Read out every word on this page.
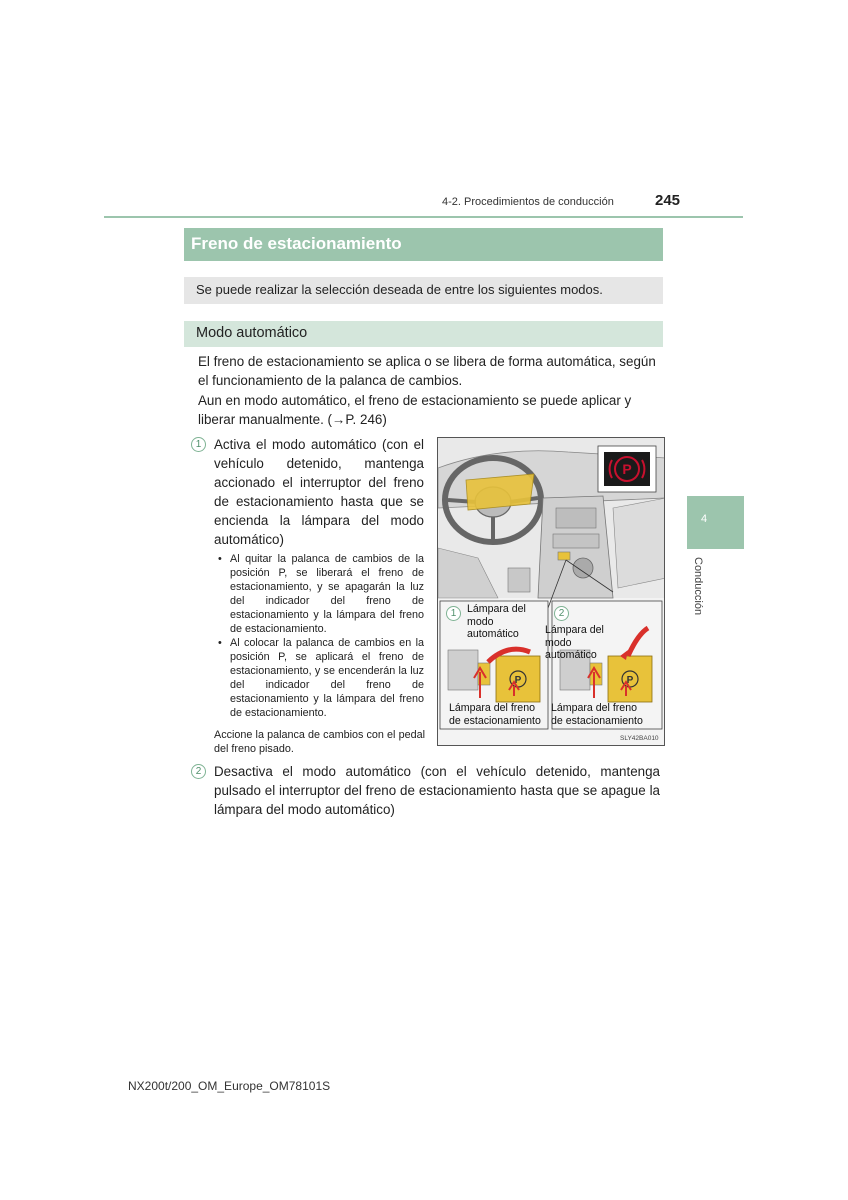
4-2. Procedimientos de conducción	245
Freno de estacionamiento
Se puede realizar la selección deseada de entre los siguientes modos.
Modo automático
El freno de estacionamiento se aplica o se libera de forma automática, según el funcionamiento de la palanca de cambios.
Aun en modo automático, el freno de estacionamiento se puede aplicar y liberar manualmente. (→P. 246)
1 Activa el modo automático (con el vehículo detenido, mantenga accionado el interruptor del freno de estacionamiento hasta que se encienda la lámpara del modo automático)
• Al quitar la palanca de cambios de la posición P, se liberará el freno de estacionamiento, y se apagarán la luz del indicador del freno de estacionamiento y la lámpara del freno de estacionamiento.
• Al colocar la palanca de cambios en la posición P, se aplicará el freno de estacionamiento, y se encenderán la luz del indicador del freno de estacionamiento y la lámpara del freno de estacionamiento.
Accione la palanca de cambios con el pedal del freno pisado.
P
P	P
1	2
Lámpara del modo automático	Lámpara del modo automático
Lámpara del freno de estacionamiento
Lámpara del freno de estacionamiento
SLY42BA010
2 Desactiva el modo automático (con el vehículo detenido, mantenga pulsado el interruptor del freno de estacionamiento hasta que se apague la lámpara del modo automático)
4
Conducción
NX200t/200_OM_Europe_OM78101S
